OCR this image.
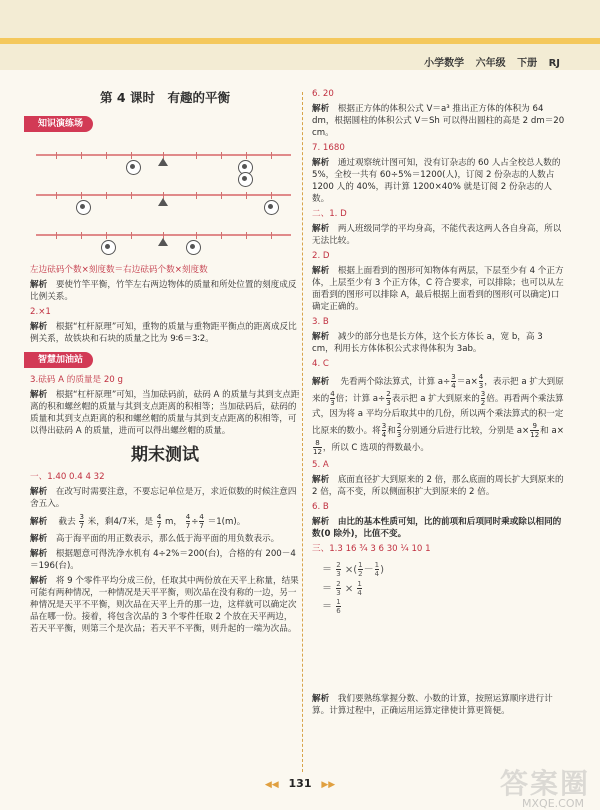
小学数学 六年级 下册 RJ
第 4 课时　有趣的平衡
知识演练场

左边砝码个数×刻度数＝右边砝码个数×刻度数

解析　 要使竹竿平衡，竹竿左右两边物体的质量和所处位置的刻度成反比例关系。

2.×1

解析　 根据“杠杆原理”可知，重物的质量与重物距平衡点的距离成反比例关系，故铁块和石块的质量之比为 9∶6＝3∶2。

智慧加油站

3.砝码 A 的质量是 20 g

解析　 根据“杠杆原理”可知，当加砝码前，砝码 A 的质量与其到支点距离的积和螺丝帽的质量与其到支点距离的积相等；当加砝码后，砝码的质量和其到支点距离的积和螺丝帽的质量与其到支点距离的积相等，可以得出砝码 A 的质量，进而可以得出螺丝帽的质量。

期末测试

一、1.40 0.4 4 32

解析　 在改写时需要注意，不要忘记单位是万，求近似数的时候注意四舍五入。

解析　 截去 $\frac{3}{7}$ 米，剩4/7米，是 $\frac{4}{7}$ m， $\frac{4}{7} \div \frac{4}{7} =1(m)$。

解析　 高于海平面的用正数表示，那么低于海平面的用负数表示。

解析　 根据题意可得洗净水机有 4÷2%＝200(台)，合格的有 200－4＝196(台)。

解析　 将 9 个零件平均分成三份，任取其中两份放在天平上称量，结果可能有两种情况，一种情况是天平平衡，则次品在没有称的一边，另一种情况是天平不平衡，则次品在天平上升的那一边，这样就可以确定次品在哪一份。接着，将包含次品的 3 个零件任取 2 个放在天平两边，若天平平衡，则第三个是次品；若天平不平衡，则升起的一端为次品。

6. 20

解析　 根据正方体的体积公式 V＝a³ 推出正方体的体积为 64 dm，根据圆柱的体积公式 V＝Sh 可以得出圆柱的高是 2 dm＝20 cm。

7. 1680

解析　 通过观察统计图可知，没有订杂志的 60 人占全校总人数的 5%，全校一共有 60÷5%＝1200(人)，订阅 2 份杂志的人数占 1200 人的 40%，再计算 1200×40% 就是订阅 2 份杂志的人数。

二、1. D

解析　 两人班级同学的平均身高，不能代表这两人各自身高，所以无法比较。

2. D

解析　 根据上面看到的图形可知物体有两层，下层至少有 4 个正方体，上层至少有 3 个正方体，C 符合要求，可以排除；也可以从左面看到的图形可以排除 A，最后根据上面看到的图形(可以确定)口确定正确的。

3. B

解析　 减少的部分也是长方体，这个长方体长 a，宽 b，高 3 cm，利用长方体体积公式求得体积为 3ab。

4. C

解析　 先看两个除法算式，计算 $a\div \frac{3}{4} =a\times \frac{4}{3}$ ，表示把 a 扩大到原来的 $\frac{4}{3}$ 倍；计算 $a\div \frac{2}{3}$ 表示把 a 扩大到原来的 $\frac{3}{2}$ 倍。再看两个乘法算式，因为将 a 平均分后取其中的几份，所以两个乘法算式的积一定比原来的数小。将 $\frac{3}{4}$ 和 $\frac{2}{3}$ 分别通分后进行比较，分别是 $a\times \frac{9}{12}$ 和 a×
$\frac{8}{12}$ ，所以 C 选项的得数最小。

5. A

解析　 底面直径扩大到原来的 2 倍，那么底面的周长扩大到原来的 2 倍，高不变，所以侧面积扩大到原来的 2 倍。

6. B

解析　 由比的基本性质可知，比的前项和后项同时乘或除以相同的数(0 除外)，比值不变。

三、1.3 16 ¾ 3 6 30 ¼ 10 1

＝ $\frac{2}{3}$ ×( $\frac{1}{2} - \frac{1}{4}$ )
＝ $\frac{2}{3} \times \frac{1}{4}$
＝ $\frac{1}{6}$

解析　 我们要熟练掌握分数、小数的计算，按照运算顺序进行计算。计算过程中，正确运用运算定律使计算更简便。

◀◀ 131 ▶▶	答案圈
MXQE.COM
